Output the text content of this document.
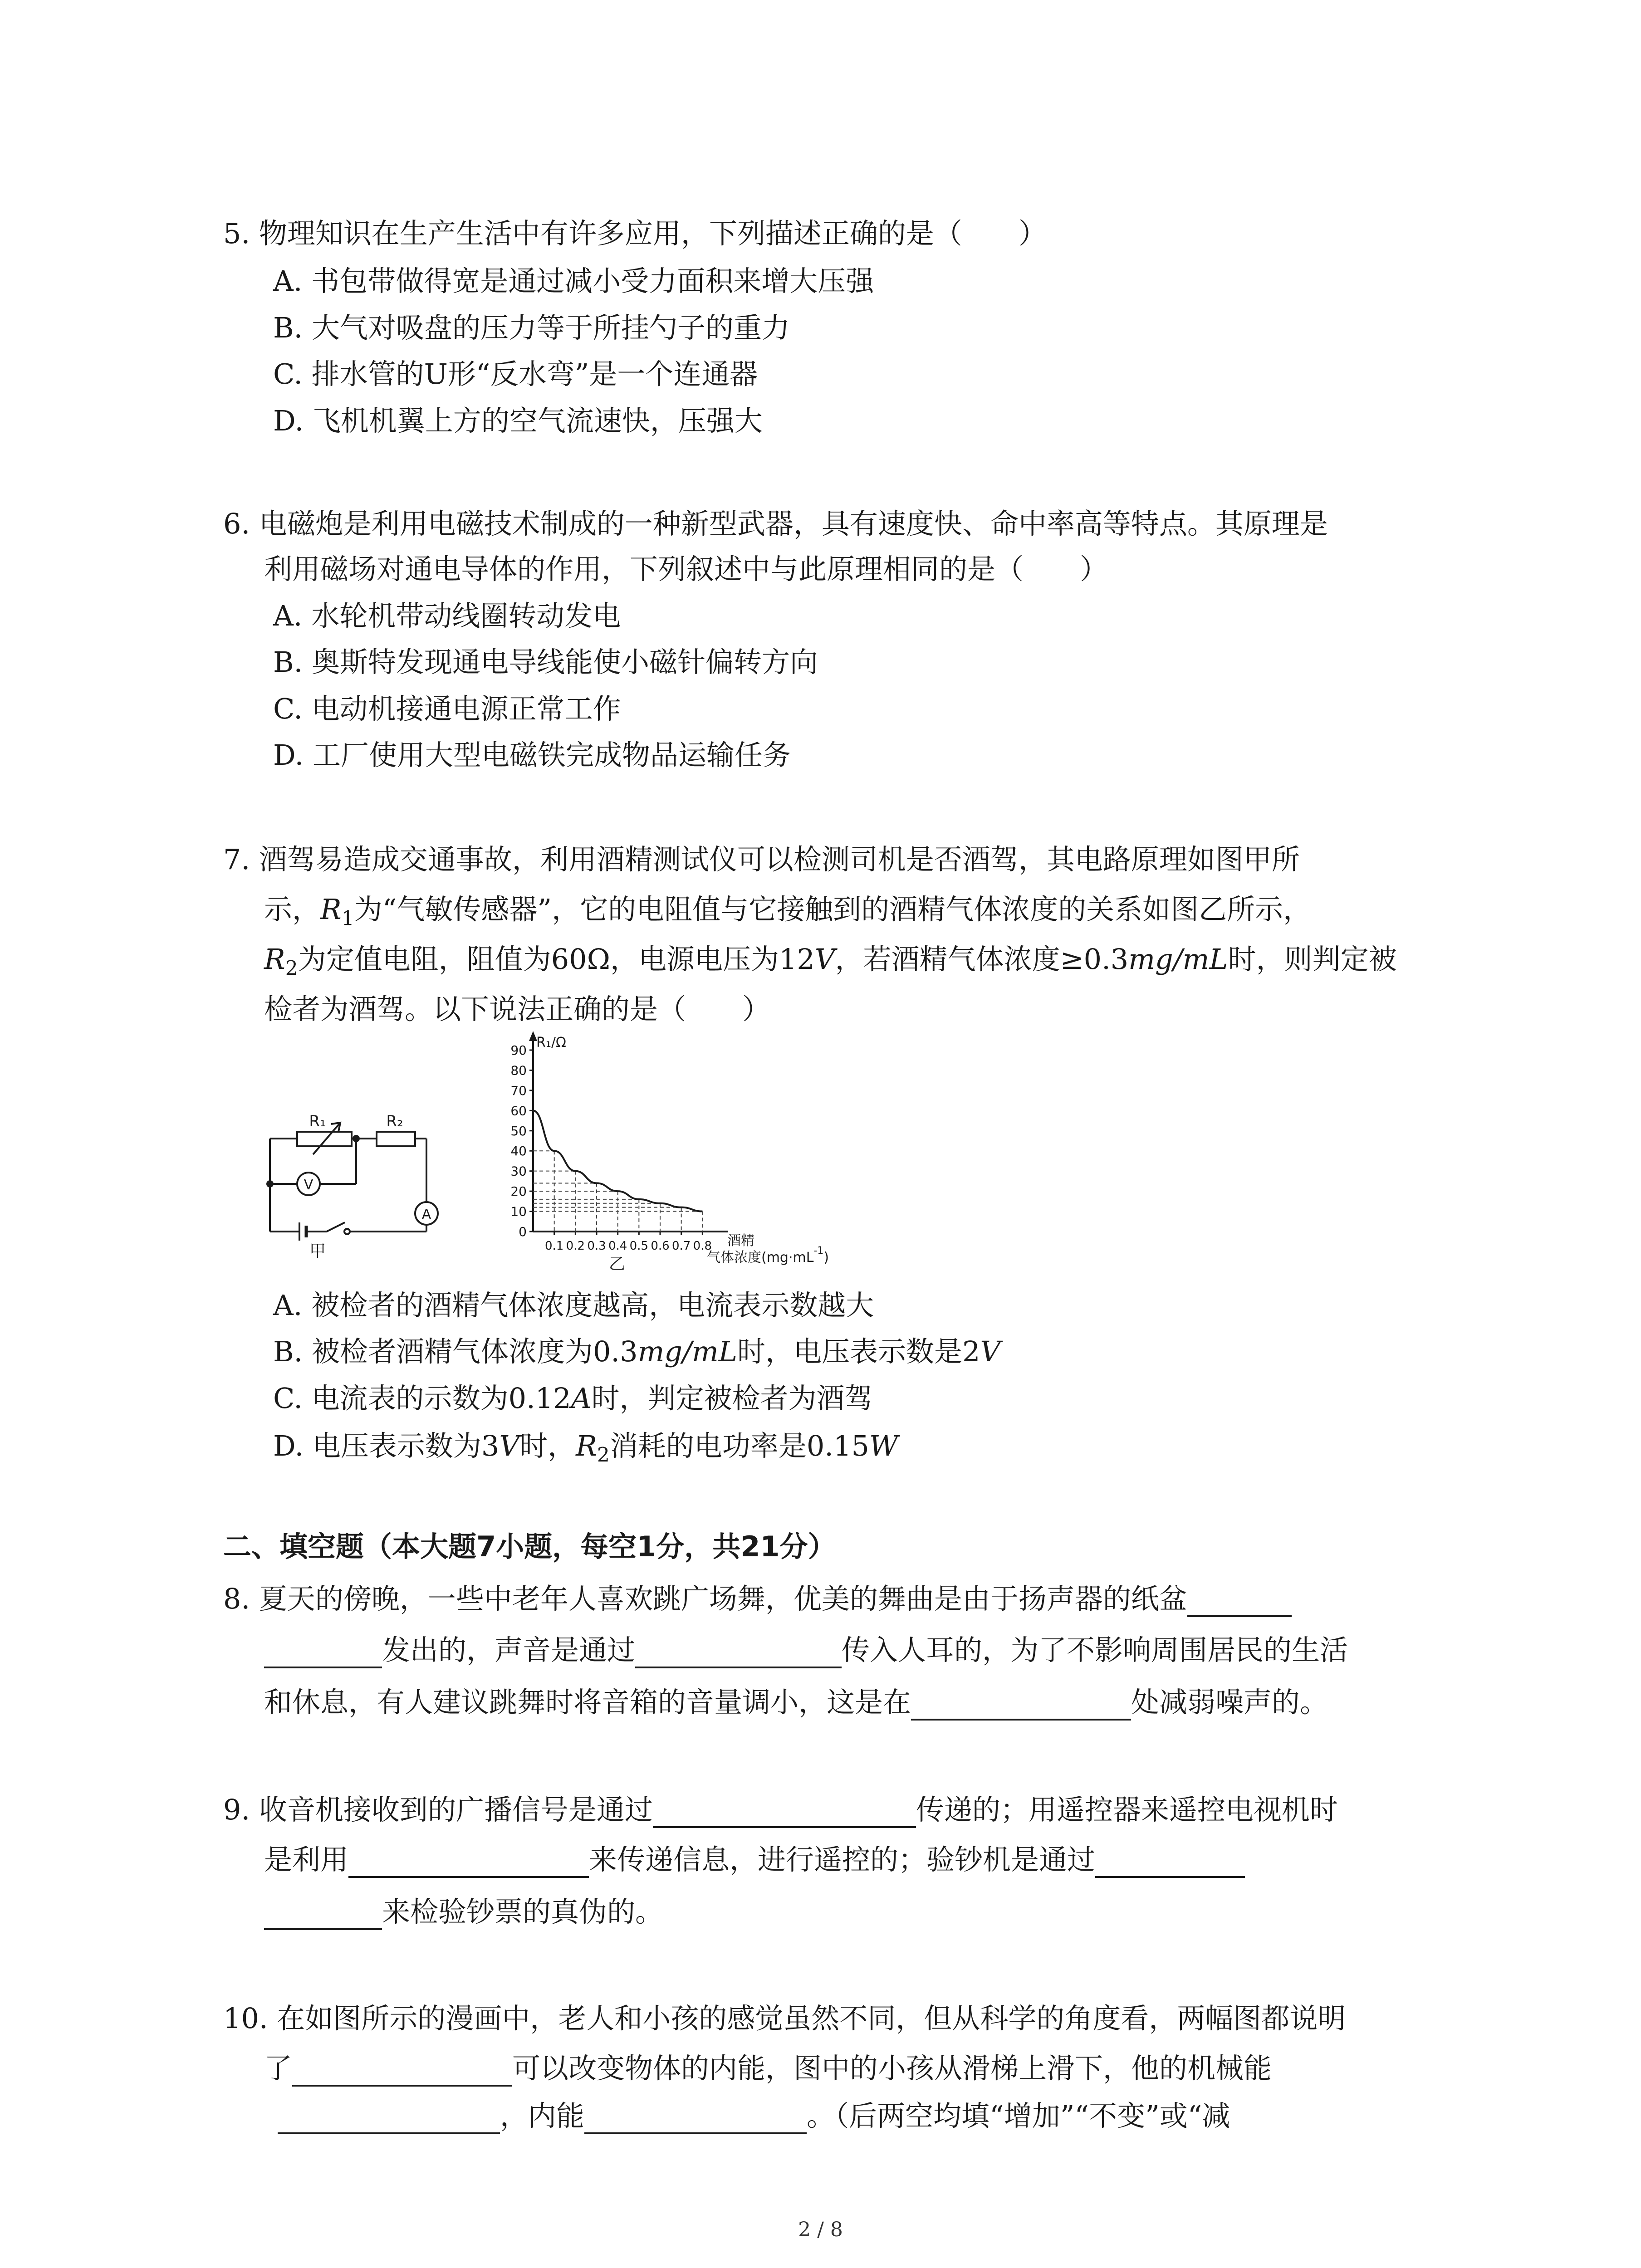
5. 物理知识在生产生活中有许多应用，下列描述正确的是（　　）
A. 书包带做得宽是通过减小受力面积来增大压强
B. 大气对吸盘的压力等于所挂勺子的重力
C. 排水管的U形“反水弯”是一个连通器
D. 飞机机翼上方的空气流速快，压强大
6. 电磁炮是利用电磁技术制成的一种新型武器，具有速度快、命中率高等特点。其原理是
利用磁场对通电导体的作用，下列叙述中与此原理相同的是（　　）
A. 水轮机带动线圈转动发电
B. 奥斯特发现通电导线能使小磁针偏转方向
C. 电动机接通电源正常工作
D. 工厂使用大型电磁铁完成物品运输任务
7. 酒驾易造成交通事故，利用酒精测试仪可以检测司机是否酒驾，其电路原理如图甲所
示，$R_1$为“气敏传感器”，它的电阻值与它接触到的酒精气体浓度的关系如图乙所示，
$R_2$为定值电阻，阻值为60Ω，电源电压为12V，若酒精气体浓度≥0.3mg/mL时，则判定被
检者为酒驾。以下说法正确的是（　　）
R₁	R₂
V
A
甲
0
10
20
30
40
50
60
70
80
90
0.1 0.2 0.3 0.4 0.5 0.6 0.7 0.8
R₁/Ω
酒精
气体浓度$(mg\cdot mL^{-1})$
乙
A. 被检者的酒精气体浓度越高，电流表示数越大
B. 被检者酒精气体浓度为0.3mg/mL时，电压表示数是2V
C. 电流表的示数为0.12A时，判定被检者为酒驾
D. 电压表示数为3V时，$R_2$消耗的电功率是0.15W
二、填空题（本大题7小题，每空1分，共21分）
8. 夏天的傍晚，一些中老年人喜欢跳广场舞，优美的舞曲是由于扬声器的纸盆
发出的，声音是通过	传入人耳的，为了不影响周围居民的生活
和休息，有人建议跳舞时将音箱的音量调小，这是在	处减弱噪声的。
9. 收音机接收到的广播信号是通过	传递的；用遥控器来遥控电视机时
是利用	来传递信息，进行遥控的；验钞机是通过
来检验钞票的真伪的。
10. 在如图所示的漫画中，老人和小孩的感觉虽然不同，但从科学的角度看，两幅图都说明
了	可以改变物体的内能，图中的小孩从滑梯上滑下，他的机械能
，内能	。（后两空均填“增加”“不变”或“减
2 / 8
